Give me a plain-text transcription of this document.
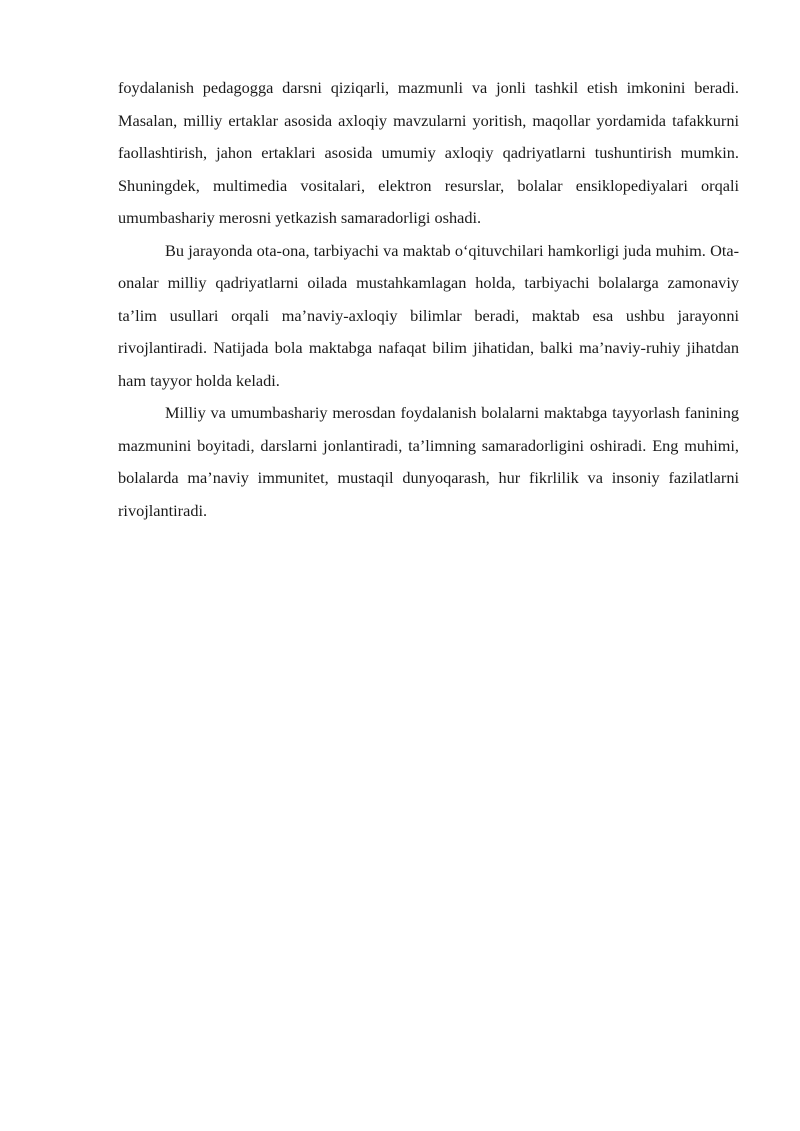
foydalanish pedagogga darsni qiziqarli, mazmunli va jonli tashkil etish imkonini beradi. Masalan, milliy ertaklar asosida axloqiy mavzularni yoritish, maqollar yordamida tafakkurni faollashtirish, jahon ertaklari asosida umumiy axloqiy qadriyatlarni tushuntirish mumkin. Shuningdek, multimedia vositalari, elektron resurslar, bolalar ensiklopediyalari orqali umumbashariy merosni yetkazish samaradorligi oshadi.

Bu jarayonda ota-ona, tarbiyachi va maktab o‘qituvchilari hamkorligi juda muhim. Ota-onalar milliy qadriyatlarni oilada mustahkamlagan holda, tarbiyachi bolalarga zamonaviy ta’lim usullari orqali ma’naviy-axloqiy bilimlar beradi, maktab esa ushbu jarayonni rivojlantiradi. Natijada bola maktabga nafaqat bilim jihatidan, balki ma’naviy-ruhiy jihatdan ham tayyor holda keladi.

Milliy va umumbashariy merosdan foydalanish bolalarni maktabga tayyorlash fanining mazmunini boyitadi, darslarni jonlantiradi, ta’limning samaradorligini oshiradi. Eng muhimi, bolalarda ma’naviy immunitet, mustaqil dunyoqarash, hur fikrlilik va insoniy fazilatlarni rivojlantiradi.
